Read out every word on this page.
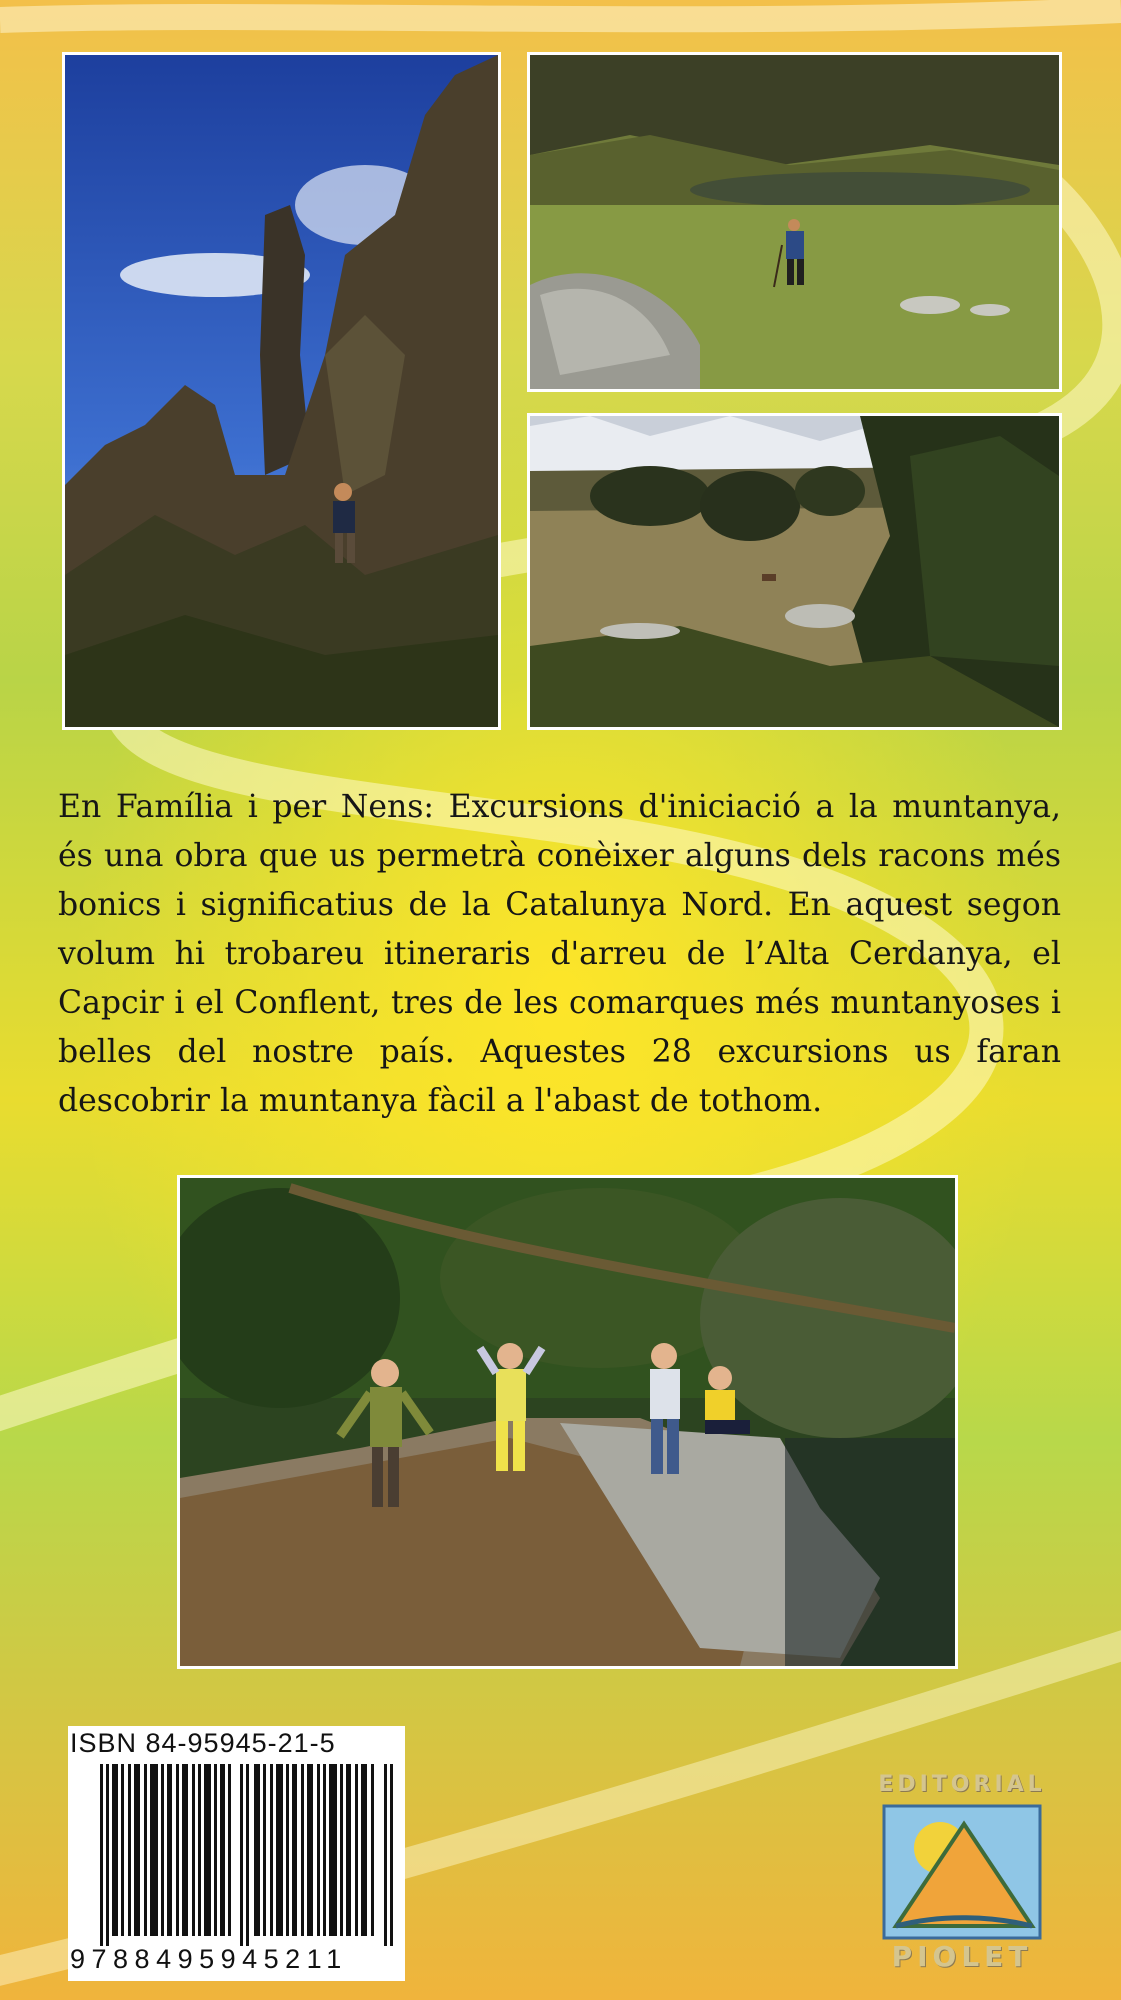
En Família i per Nens: Excursions d'iniciació a la muntanya, és una obra que us permetrà conèixer alguns dels racons més bonics i significatius de la Catalunya Nord. En aquest segon volum hi trobareu itineraris d'arreu de l’Alta Cerdanya, el Capcir i el Conflent, tres de les comarques més muntanyoses i belles del nostre país. Aquestes 28 excursions us faran descobrir la muntanya fàcil a l'abast de tothom.

ISBN 84-95945-21-5
9788495945211
EDITORIAL
PIOLET
